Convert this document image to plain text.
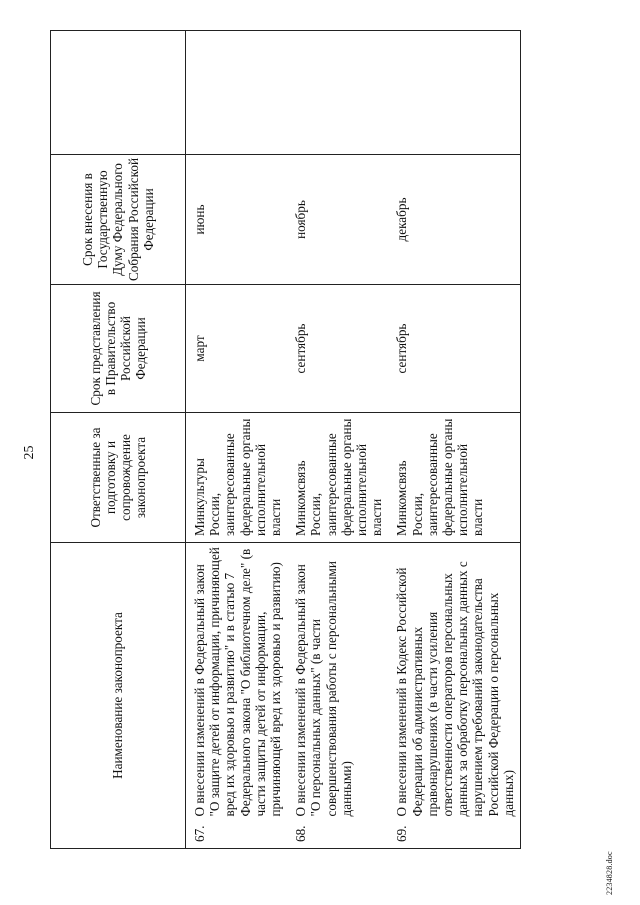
25
Наименование законопроекта		Ответственные за подготовку и сопровождение законопроекта	Срок представления в Правительство Российской Федерации	Срок внесения в Государственную Думу Федерального Собрания Российской Федерации	
67.	О внесении изменений в Федеральный закон "О защите детей от информации, причиняющей вред их здоровью и развитию" и в статью 7 Федерального закона "О библиотечном деле" (в части защиты детей от информации, причиняющей вред их здоровью и развитию)	Минкультуры России, заинтересованные федеральные органы исполнительной власти	март	июнь	
68.	О внесении изменений в Федеральный закон "О персональных данных" (в части совершенствования работы с персональными данными)	Минкомсвязь России, заинтересованные федеральные органы исполнительной власти	сентябрь	ноябрь	
69.	О внесении изменений в Кодекс Российской Федерации об административных правонарушениях (в части усиления ответственности операторов персональных данных за обработку персональных данных с нарушением требований законодательства Российской Федерации о персональных данных)	Минкомсвязь России, заинтересованные федеральные органы исполнительной власти	сентябрь	декабрь	
2234828.doc
